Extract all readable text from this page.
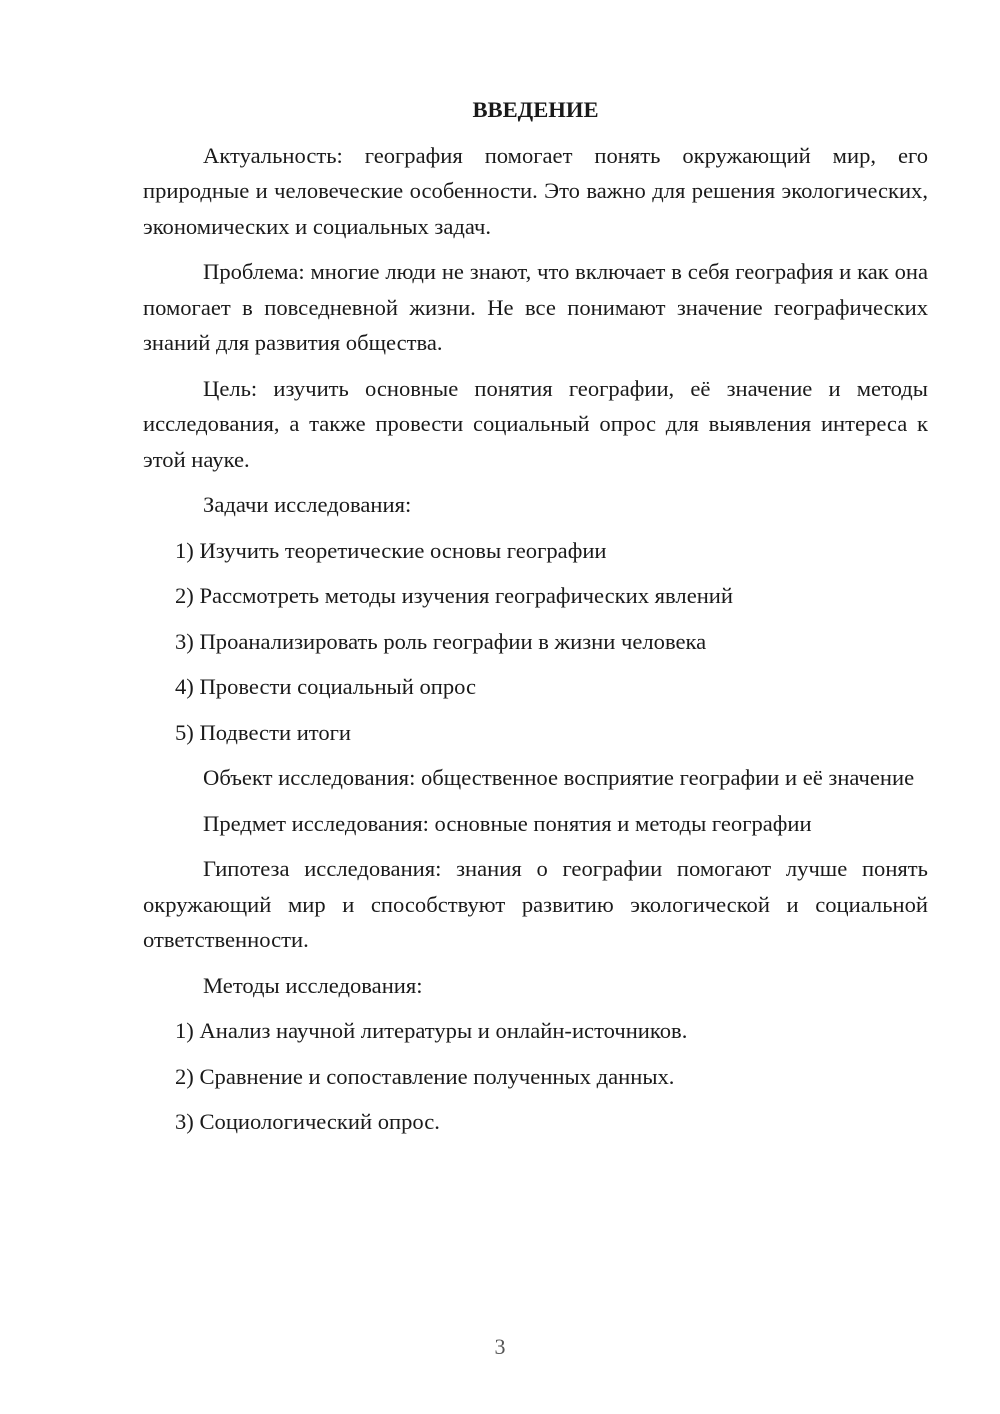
ВВЕДЕНИЕ

Актуальность: география помогает понять окружающий мир, его природные и человеческие особенности. Это важно для решения экологических, экономических и социальных задач.

Проблема: многие люди не знают, что включает в себя география и как она помогает в повседневной жизни. Не все понимают значение географических знаний для развития общества.

Цель: изучить основные понятия географии, её значение и методы исследования, а также провести социальный опрос для выявления интереса к этой науке.

Задачи исследования:

1) Изучить теоретические основы географии

2) Рассмотреть методы изучения географических явлений

3) Проанализировать роль географии в жизни человека

4) Провести социальный опрос

5) Подвести итоги

Объект исследования: общественное восприятие географии и её значение

Предмет исследования: основные понятия и методы географии

Гипотеза исследования: знания о географии помогают лучше понять окружающий мир и способствуют развитию экологической и социальной ответственности.

Методы исследования:

1) Анализ научной литературы и онлайн-источников.

2) Сравнение и сопоставление полученных данных.

3) Социологический опрос.

3
